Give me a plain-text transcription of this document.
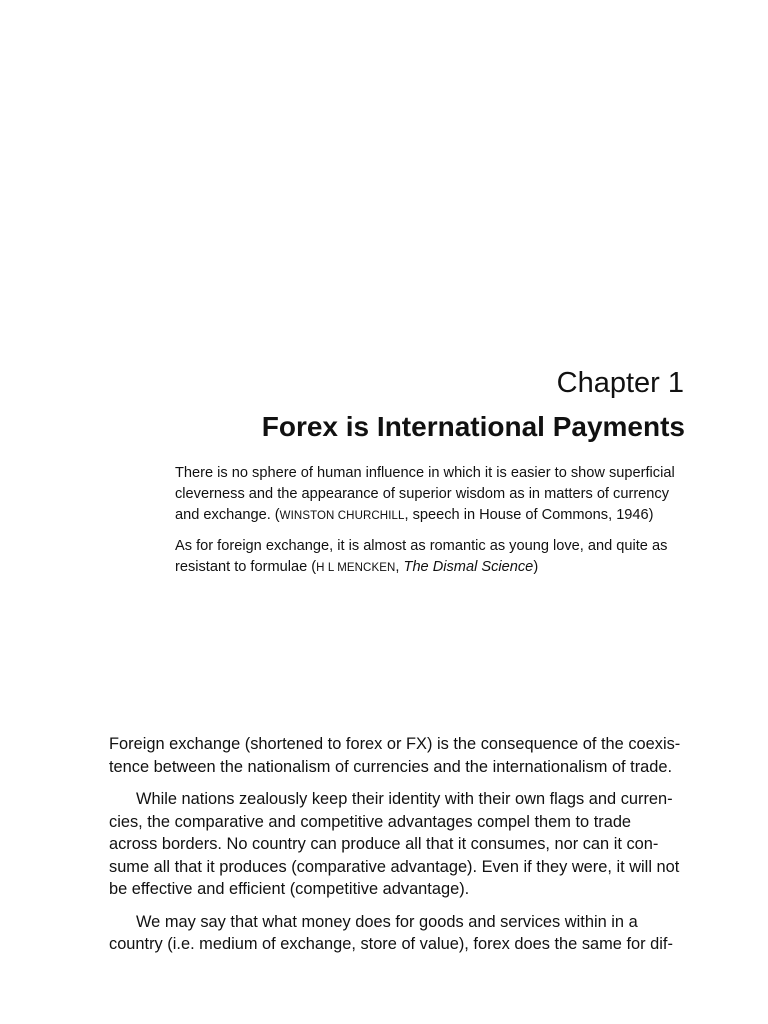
Chapter 1
Forex is International Payments

There is no sphere of human influence in which it is easier to show superficial
cleverness and the appearance of superior wisdom as in matters of currency
and exchange. (WINSTON CHURCHILL, speech in House of Commons, 1946)

As for foreign exchange, it is almost as romantic as young love, and quite as
resistant to formulae (H L MENCKEN, The Dismal Science)

Foreign exchange (shortened to forex or FX) is the consequence of the coexis-
tence between the nationalism of currencies and the internationalism of trade.

While nations zealously keep their identity with their own flags and curren-
cies, the comparative and competitive advantages compel them to trade
across borders. No country can produce all that it consumes, nor can it con-
sume all that it produces (comparative advantage). Even if they were, it will not
be effective and efficient (competitive advantage).

We may say that what money does for goods and services within in a
country (i.e. medium of exchange, store of value), forex does the same for dif-
